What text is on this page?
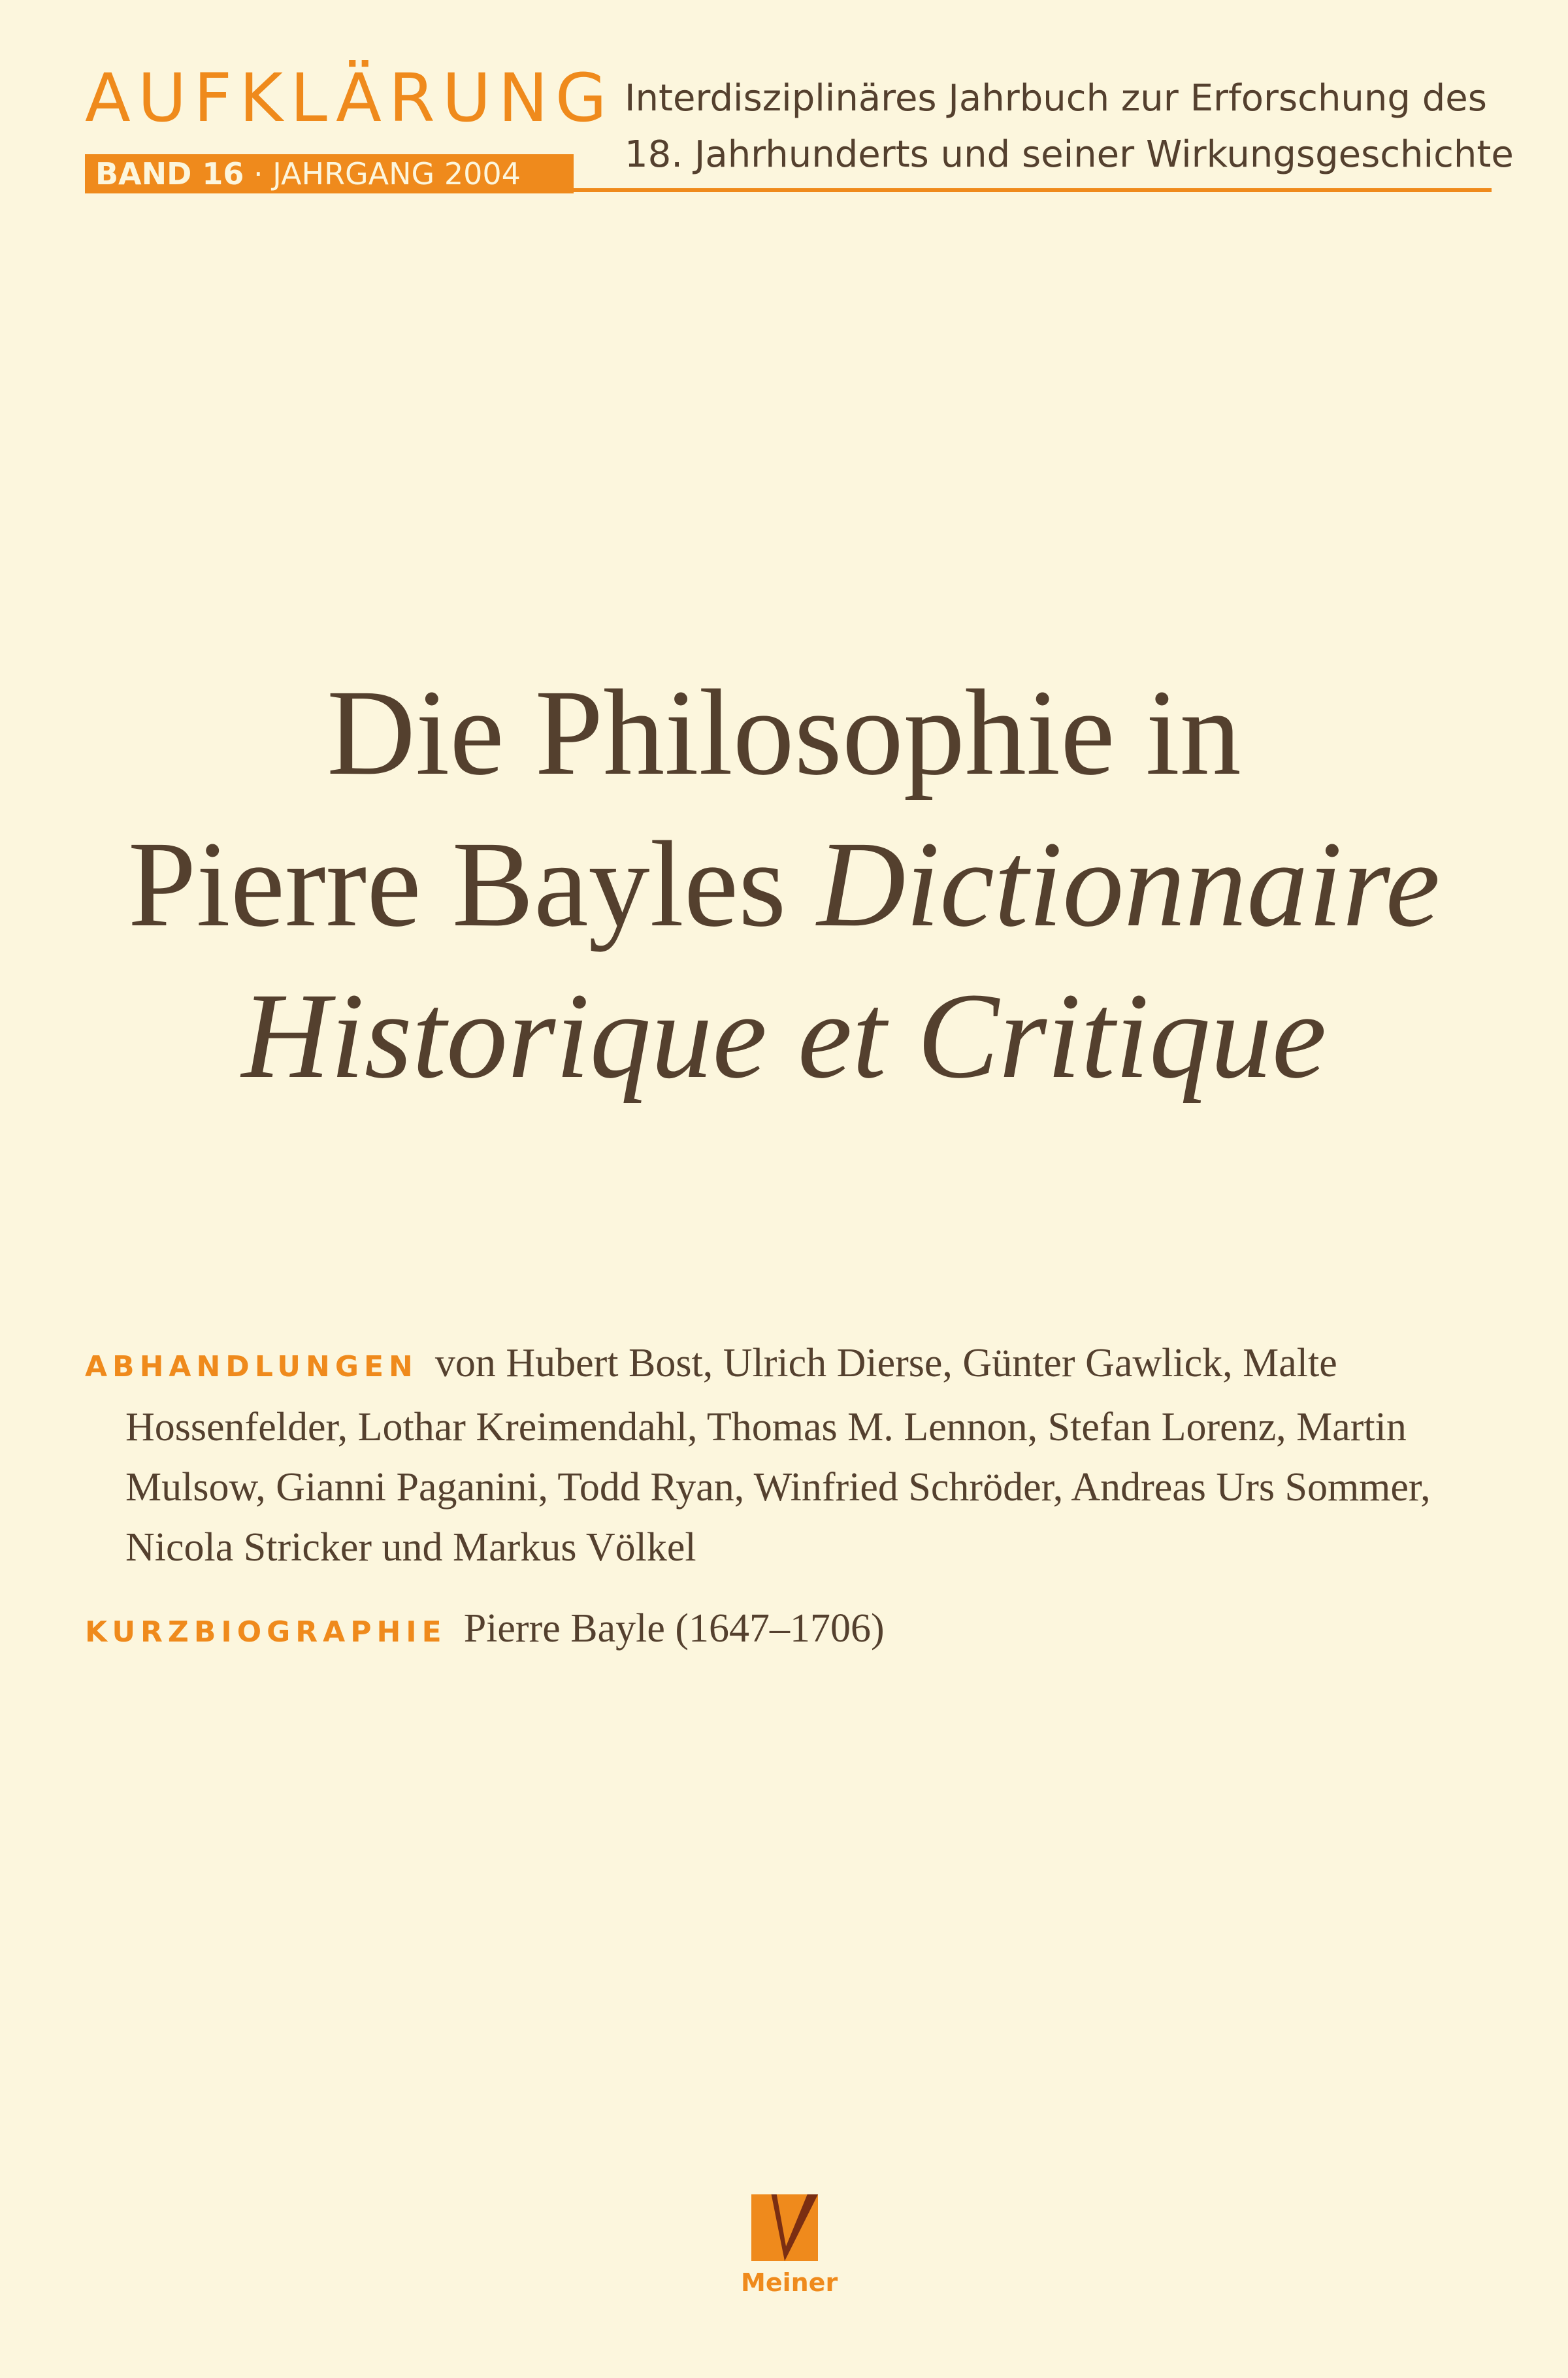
AUFKLÄRUNG
BAND 16 · JAHRGANG 2004
Interdisziplinäres Jahrbuch zur Erforschung des
18. Jahrhunderts und seiner Wirkungsgeschichte
Die Philosophie in
Pierre Bayles Dictionnaire
Historique et Critique

ABHANDLUNGEN von Hubert Bost, Ulrich Dierse, Günter Gawlick, Malte Hossenfelder, Lothar Kreimendahl, Thomas M. Lennon, Stefan Lorenz, Martin Mulsow, Gianni Paganini, Todd Ryan, Winfried Schröder, Andreas Urs Sommer, Nicola Stricker und Markus Völkel

KURZBIOGRAPHIE Pierre Bayle (1647–1706)
Meiner
